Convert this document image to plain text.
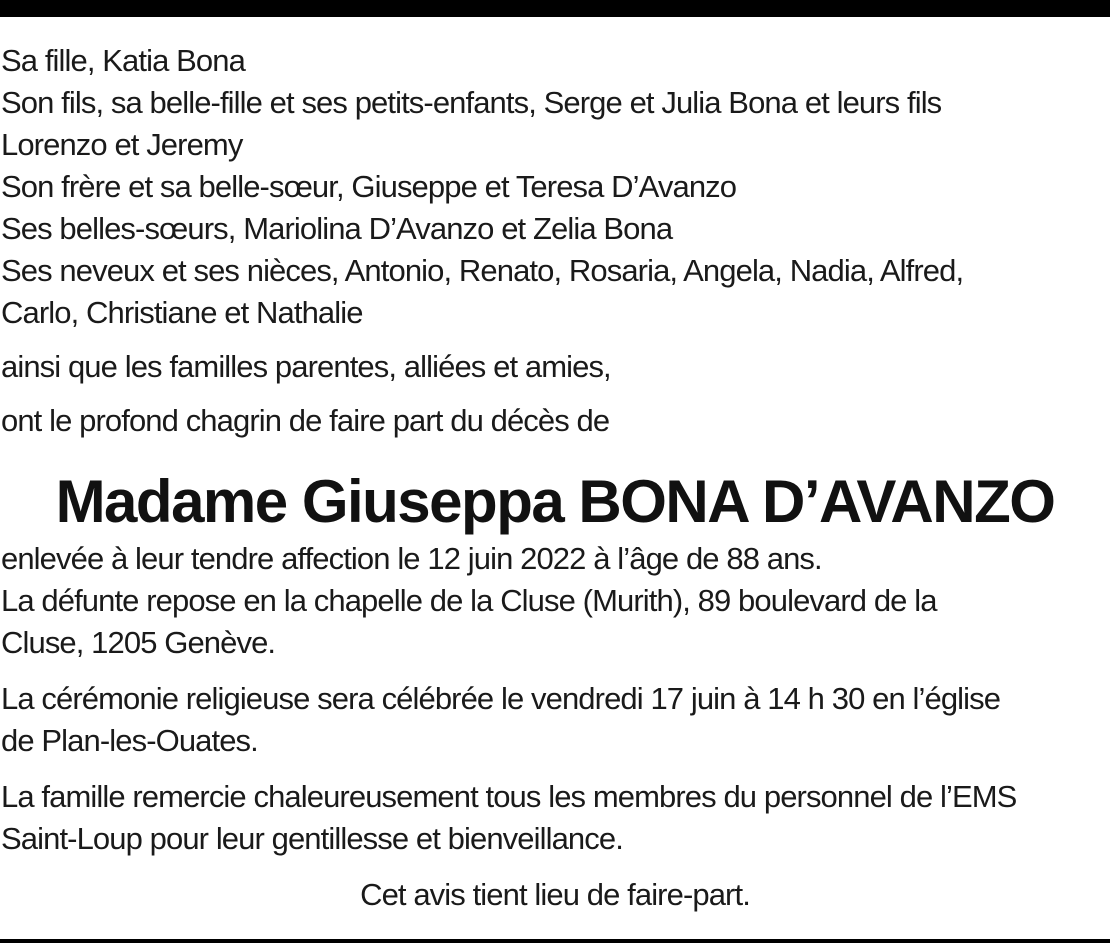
Sa fille, Katia Bona
Son fils, sa belle-fille et ses petits-enfants, Serge et Julia Bona et leurs fils
Lorenzo et Jeremy
Son frère et sa belle-sœur, Giuseppe et Teresa D’Avanzo
Ses belles-sœurs, Mariolina D’Avanzo et Zelia Bona
Ses neveux et ses nièces, Antonio, Renato, Rosaria, Angela, Nadia, Alfred,
Carlo, Christiane et Nathalie
ainsi que les familles parentes, alliées et amies,
ont le profond chagrin de faire part du décès de
Madame Giuseppa BONA D’AVANZO
enlevée à leur tendre affection le 12 juin 2022 à l’âge de 88 ans.
La défunte repose en la chapelle de la Cluse (Murith), 89 boulevard de la
Cluse, 1205 Genève.
La cérémonie religieuse sera célébrée le vendredi 17 juin à 14 h 30 en l’église
de Plan-les-Ouates.
La famille remercie chaleureusement tous les membres du personnel de l’EMS
Saint-Loup pour leur gentillesse et bienveillance.
Cet avis tient lieu de faire-part.
